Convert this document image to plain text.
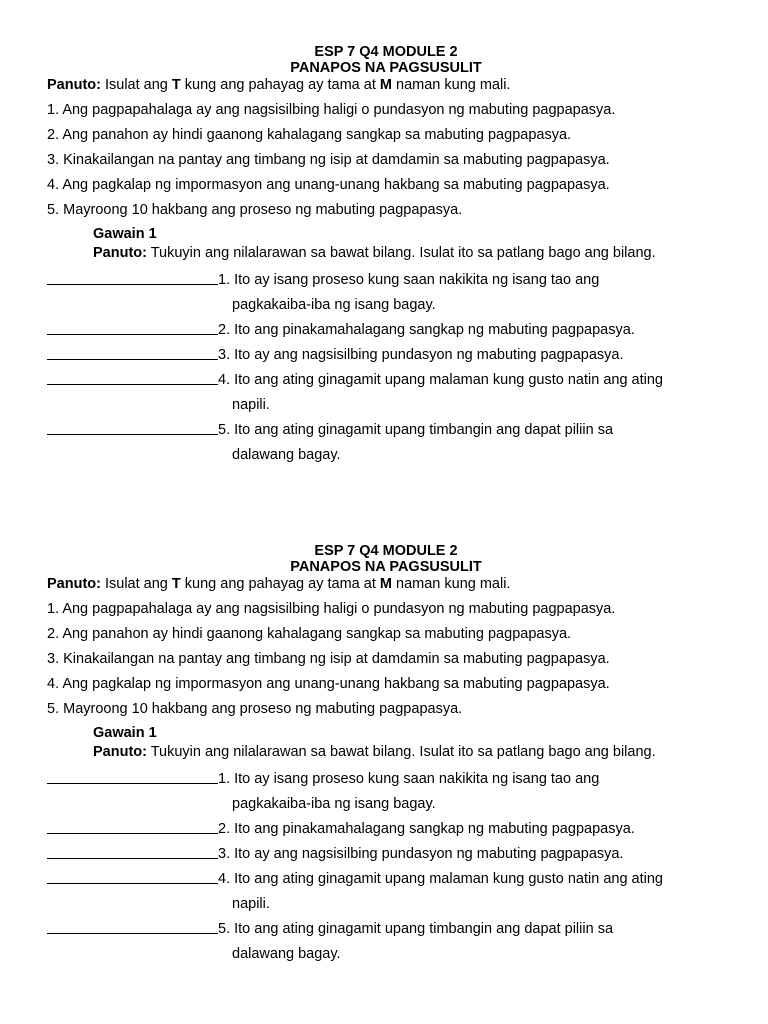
ESP 7 Q4 MODULE 2
PANAPOS NA PAGSUSULIT
Panuto: Isulat ang T kung ang pahayag ay tama at M naman kung mali.
1. Ang pagpapahalaga ay ang nagsisilbing haligi o pundasyon ng mabuting pagpapasya.
2. Ang panahon ay hindi gaanong kahalagang sangkap sa mabuting pagpapasya.
3. Kinakailangan na pantay ang timbang ng isip at damdamin sa mabuting pagpapasya.
4. Ang pagkalap ng impormasyon ang unang-unang hakbang sa mabuting pagpapasya.
5. Mayroong 10 hakbang ang proseso ng mabuting pagpapasya.
Gawain 1
Panuto: Tukuyin ang nilalarawan sa bawat bilang. Isulat ito sa patlang bago ang bilang.
1. Ito ay isang proseso kung saan nakikita ng isang tao ang
pagkakaiba-iba ng isang bagay.
2. Ito ang pinakamahalagang sangkap ng mabuting pagpapasya.
3. Ito ay ang nagsisilbing pundasyon ng mabuting pagpapasya.
4. Ito ang ating ginagamit upang malaman kung gusto natin ang ating
napili.
5. Ito ang ating ginagamit upang timbangin ang dapat piliin sa
dalawang bagay.
ESP 7 Q4 MODULE 2
PANAPOS NA PAGSUSULIT
Panuto: Isulat ang T kung ang pahayag ay tama at M naman kung mali.
1. Ang pagpapahalaga ay ang nagsisilbing haligi o pundasyon ng mabuting pagpapasya.
2. Ang panahon ay hindi gaanong kahalagang sangkap sa mabuting pagpapasya.
3. Kinakailangan na pantay ang timbang ng isip at damdamin sa mabuting pagpapasya.
4. Ang pagkalap ng impormasyon ang unang-unang hakbang sa mabuting pagpapasya.
5. Mayroong 10 hakbang ang proseso ng mabuting pagpapasya.
Gawain 1
Panuto: Tukuyin ang nilalarawan sa bawat bilang. Isulat ito sa patlang bago ang bilang.
1. Ito ay isang proseso kung saan nakikita ng isang tao ang
pagkakaiba-iba ng isang bagay.
2. Ito ang pinakamahalagang sangkap ng mabuting pagpapasya.
3. Ito ay ang nagsisilbing pundasyon ng mabuting pagpapasya.
4. Ito ang ating ginagamit upang malaman kung gusto natin ang ating
napili.
5. Ito ang ating ginagamit upang timbangin ang dapat piliin sa
dalawang bagay.
